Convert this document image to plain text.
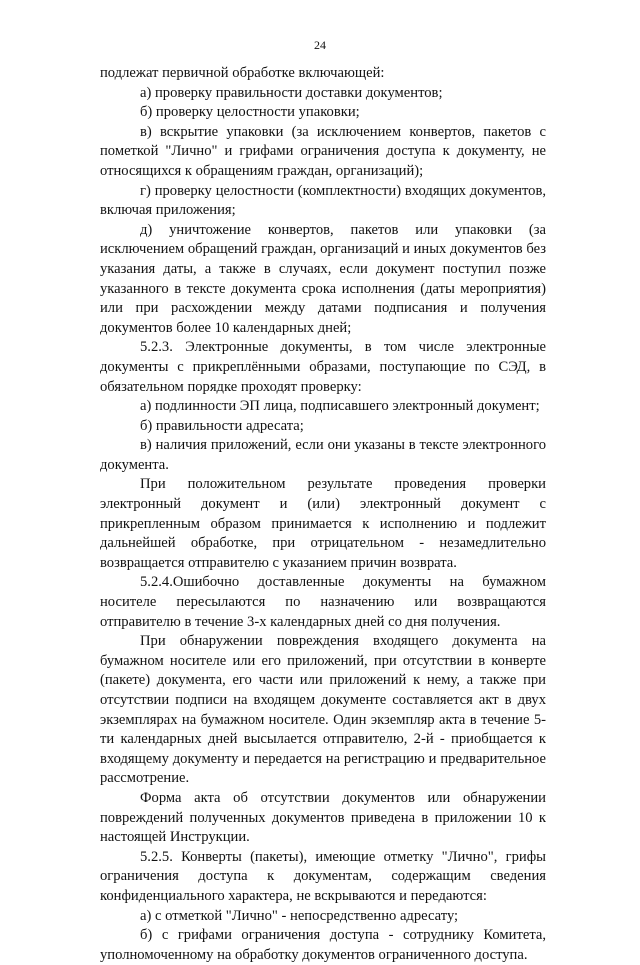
24

подлежат первичной обработке включающей:

а) проверку правильности доставки документов;

б) проверку целостности упаковки;

в) вскрытие упаковки (за исключением конвертов, пакетов с пометкой "Лично" и грифами ограничения доступа к документу, не относящихся к обращениям граждан, организаций);

г) проверку целостности (комплектности) входящих документов, включая приложения;

д) уничтожение конвертов, пакетов или упаковки (за исключением обращений граждан, организаций и иных документов без указания даты, а также в случаях, если документ поступил позже указанного в тексте документа срока исполнения (даты мероприятия) или при расхождении между датами подписания и получения документов более 10 календарных дней;

5.2.3. Электронные документы, в том числе электронные документы с прикреплёнными образами, поступающие по СЭД, в обязательном порядке проходят проверку:

а) подлинности ЭП лица, подписавшего электронный документ;

б) правильности адресата;

в) наличия приложений, если они указаны в тексте электронного документа.

При положительном результате проведения проверки электронный документ и (или) электронный документ с прикрепленным образом принимается к исполнению и подлежит дальнейшей обработке, при отрицательном - незамедлительно возвращается отправителю с указанием причин возврата.

5.2.4.Ошибочно доставленные документы на бумажном носителе пересылаются по назначению или возвращаются отправителю в течение 3-х календарных дней со дня получения.

При обнаружении повреждения входящего документа на бумажном носителе или его приложений, при отсутствии в конверте (пакете) документа, его части или приложений к нему, а также при отсутствии подписи на входящем документе составляется акт в двух экземплярах на бумажном носителе. Один экземпляр акта в течение 5-ти календарных дней высылается отправителю, 2-й - приобщается к входящему документу и передается на регистрацию и предварительное рассмотрение.

Форма акта об отсутствии документов или обнаружении повреждений полученных документов приведена в приложении 10 к настоящей Инструкции.

5.2.5. Конверты (пакеты), имеющие отметку "Лично", грифы ограничения доступа к документам, содержащим сведения конфиденциального характера, не вскрываются и передаются:

а) с отметкой "Лично" - непосредственно адресату;

б) с грифами ограничения доступа - сотруднику Комитета, уполномоченному на обработку документов ограниченного доступа.
